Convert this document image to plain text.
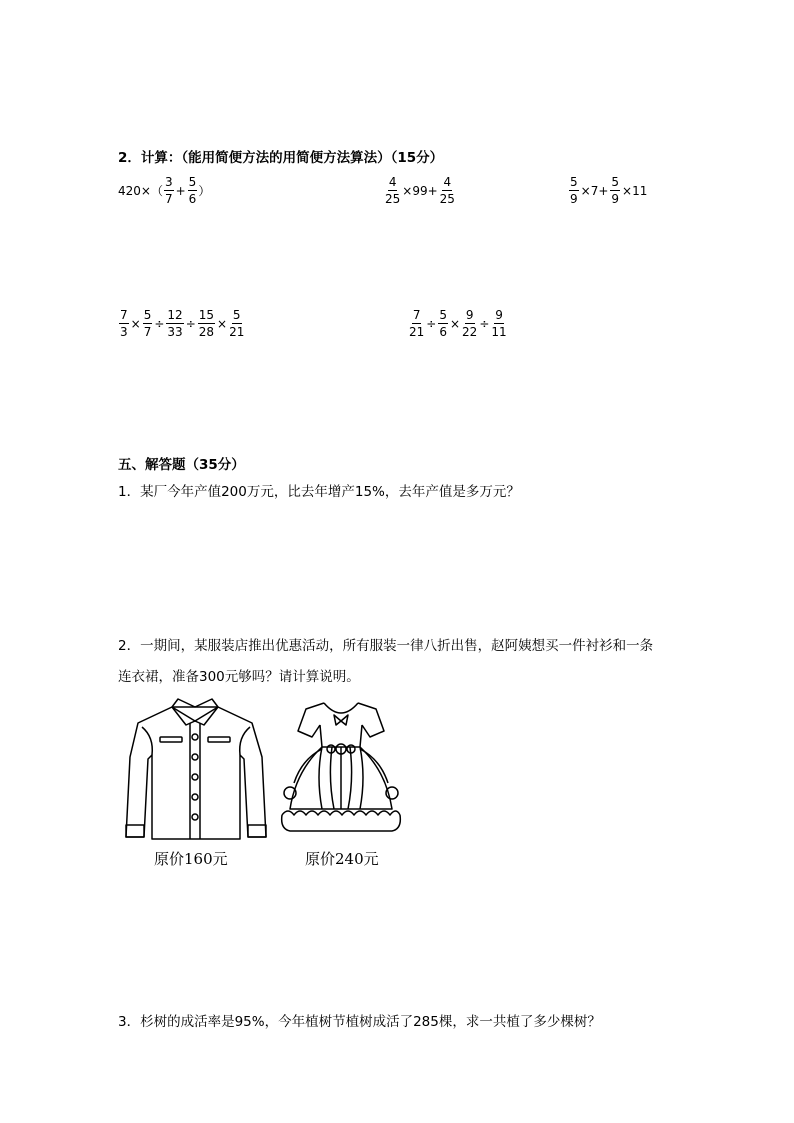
2．计算：（能用简便方法的用简便方法算法）（15分）
$420\times( \frac{3}{7} + \frac{5}{6}$ ）	$\frac{4}{25} \times 99+ \frac{4}{25}$	$\frac{5}{9} \times 7+ \frac{5}{9} \times 11$
$\frac{7}{3} \times \frac{5}{7} \div \frac{12}{33} \div \frac{15}{28} \times \frac{5}{21}$	$\frac{7}{21} \div \frac{5}{6} \times \frac{9}{22} \div \frac{9}{11}$
五、解答题（35分）
1．某厂今年产值200万元，比去年增产15%，去年产值是多万元？
2．一期间，某服装店推出优惠活动，所有服装一律八折出售，赵阿姨想买一件衬衫和一条
连衣裙，准备300元够吗？请计算说明。
原价160元	原价240元
3．杉树的成活率是95%，今年植树节植树成活了285棵，求一共植了多少棵树？
